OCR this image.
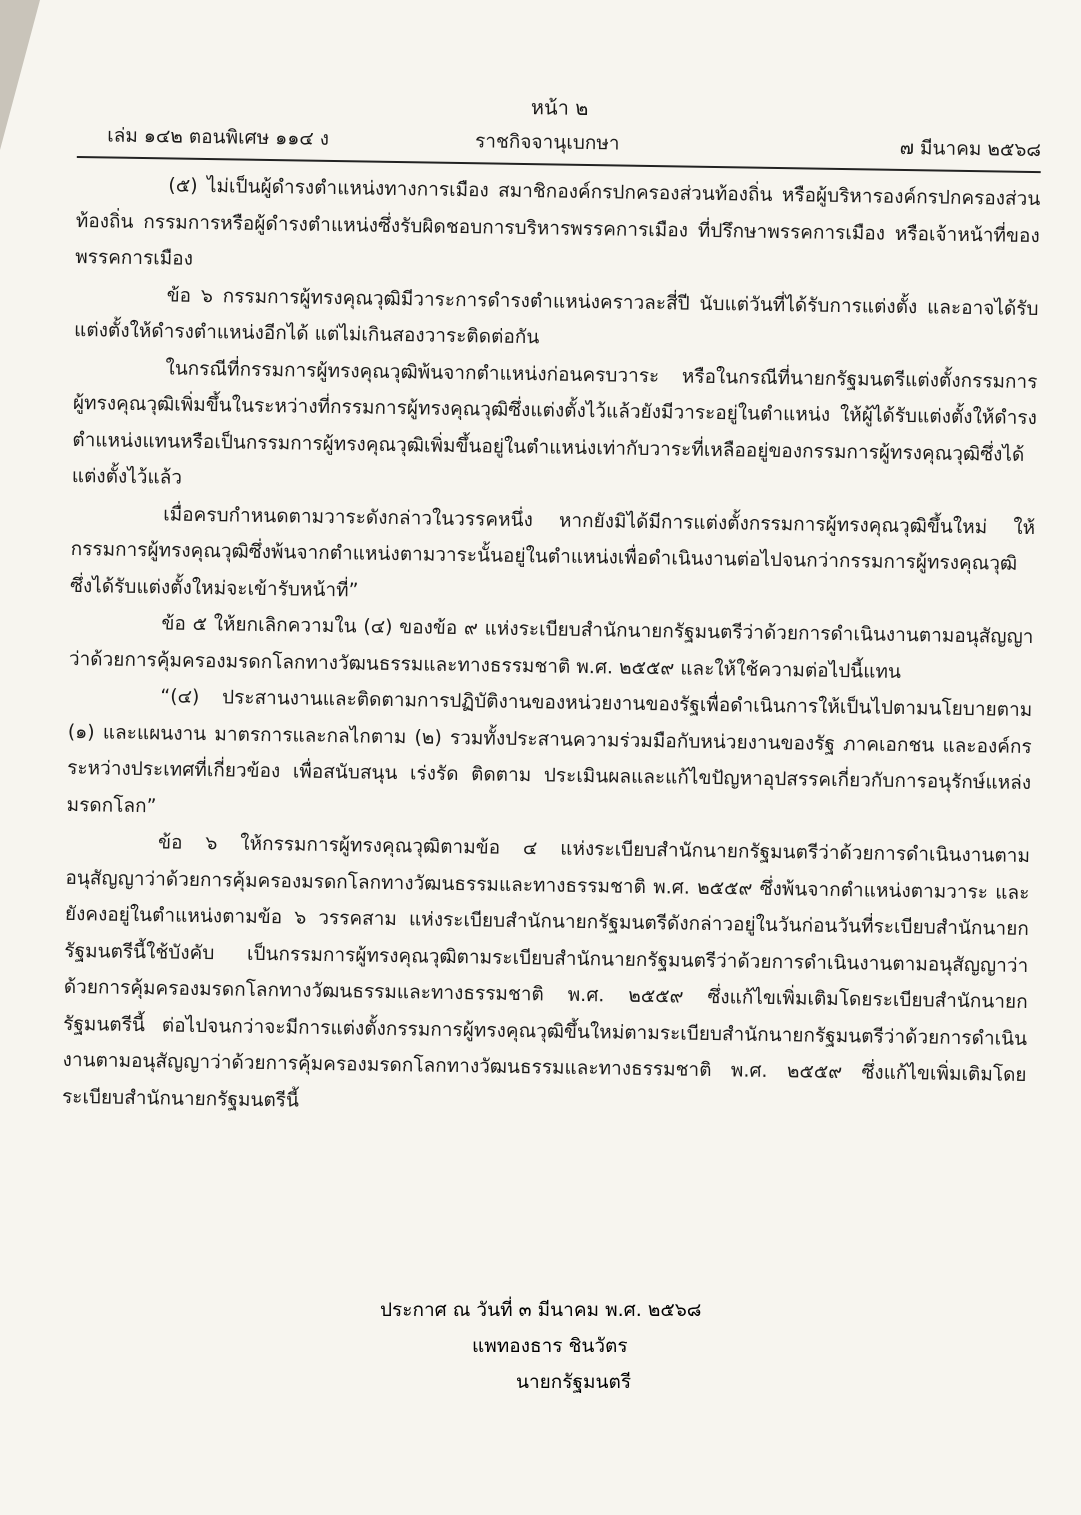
หน้า ๒
เล่ม ๑๔๒ ตอนพิเศษ ๑๑๔ ง	ราชกิจจานุเบกษา	๗ มีนาคม ๒๕๖๘

(๕) ไม่เป็นผู้ดำรงตำแหน่งทางการเมือง สมาชิกองค์กรปกครองส่วนท้องถิ่น หรือผู้บริหารองค์กรปกครองส่วนท้องถิ่น กรรมการหรือผู้ดำรงตำแหน่งซึ่งรับผิดชอบการบริหารพรรคการเมือง ที่ปรึกษาพรรคการเมือง หรือเจ้าหน้าที่ของพรรคการเมือง

ข้อ ๖ กรรมการผู้ทรงคุณวุฒิมีวาระการดำรงตำแหน่งคราวละสี่ปี นับแต่วันที่ได้รับการแต่งตั้ง และอาจได้รับแต่งตั้งให้ดำรงตำแหน่งอีกได้ แต่ไม่เกินสองวาระติดต่อกัน

ในกรณีที่กรรมการผู้ทรงคุณวุฒิพ้นจากตำแหน่งก่อนครบวาระ หรือในกรณีที่นายกรัฐมนตรีแต่งตั้งกรรมการผู้ทรงคุณวุฒิเพิ่มขึ้นในระหว่างที่กรรมการผู้ทรงคุณวุฒิซึ่งแต่งตั้งไว้แล้วยังมีวาระอยู่ในตำแหน่ง ให้ผู้ได้รับแต่งตั้งให้ดำรงตำแหน่งแทนหรือเป็นกรรมการผู้ทรงคุณวุฒิเพิ่มขึ้นอยู่ในตำแหน่งเท่ากับวาระที่เหลืออยู่ของกรรมการผู้ทรงคุณวุฒิซึ่งได้แต่งตั้งไว้แล้ว

เมื่อครบกำหนดตามวาระดังกล่าวในวรรคหนึ่ง หากยังมิได้มีการแต่งตั้งกรรมการผู้ทรงคุณวุฒิขึ้นใหม่ ให้กรรมการผู้ทรงคุณวุฒิซึ่งพ้นจากตำแหน่งตามวาระนั้นอยู่ในตำแหน่งเพื่อดำเนินงานต่อไปจนกว่ากรรมการผู้ทรงคุณวุฒิซึ่งได้รับแต่งตั้งใหม่จะเข้ารับหน้าที่”

ข้อ ๕ ให้ยกเลิกความใน (๔) ของข้อ ๙ แห่งระเบียบสำนักนายกรัฐมนตรีว่าด้วยการดำเนินงานตามอนุสัญญาว่าด้วยการคุ้มครองมรดกโลกทางวัฒนธรรมและทางธรรมชาติ พ.ศ. ๒๕๕๙ และให้ใช้ความต่อไปนี้แทน

“(๔) ประสานงานและติดตามการปฏิบัติงานของหน่วยงานของรัฐเพื่อดำเนินการให้เป็นไปตามนโยบายตาม (๑) และแผนงาน มาตรการและกลไกตาม (๒) รวมทั้งประสานความร่วมมือกับหน่วยงานของรัฐ ภาคเอกชน และองค์กรระหว่างประเทศที่เกี่ยวข้อง เพื่อสนับสนุน เร่งรัด ติดตาม ประเมินผลและแก้ไขปัญหาอุปสรรคเกี่ยวกับการอนุรักษ์แหล่งมรดกโลก”

ข้อ ๖ ให้กรรมการผู้ทรงคุณวุฒิตามข้อ ๔ แห่งระเบียบสำนักนายกรัฐมนตรีว่าด้วยการดำเนินงานตามอนุสัญญาว่าด้วยการคุ้มครองมรดกโลกทางวัฒนธรรมและทางธรรมชาติ พ.ศ. ๒๕๕๙ ซึ่งพ้นจากตำแหน่งตามวาระ และยังคงอยู่ในตำแหน่งตามข้อ ๖ วรรคสาม แห่งระเบียบสำนักนายกรัฐมนตรีดังกล่าวอยู่ในวันก่อนวันที่ระเบียบสำนักนายกรัฐมนตรีนี้ใช้บังคับ เป็นกรรมการผู้ทรงคุณวุฒิตามระเบียบสำนักนายกรัฐมนตรีว่าด้วยการดำเนินงานตามอนุสัญญาว่าด้วยการคุ้มครองมรดกโลกทางวัฒนธรรมและทางธรรมชาติ พ.ศ. ๒๕๕๙ ซึ่งแก้ไขเพิ่มเติมโดยระเบียบสำนักนายกรัฐมนตรีนี้ ต่อไปจนกว่าจะมีการแต่งตั้งกรรมการผู้ทรงคุณวุฒิขึ้นใหม่ตามระเบียบสำนักนายกรัฐมนตรีว่าด้วยการดำเนินงานตามอนุสัญญาว่าด้วยการคุ้มครองมรดกโลกทางวัฒนธรรมและทางธรรมชาติ พ.ศ. ๒๕๕๙ ซึ่งแก้ไขเพิ่มเติมโดยระเบียบสำนักนายกรัฐมนตรีนี้

ประกาศ ณ วันที่ ๓ มีนาคม พ.ศ. ๒๕๖๘
แพทองธาร ชินวัตร
นายกรัฐมนตรี
